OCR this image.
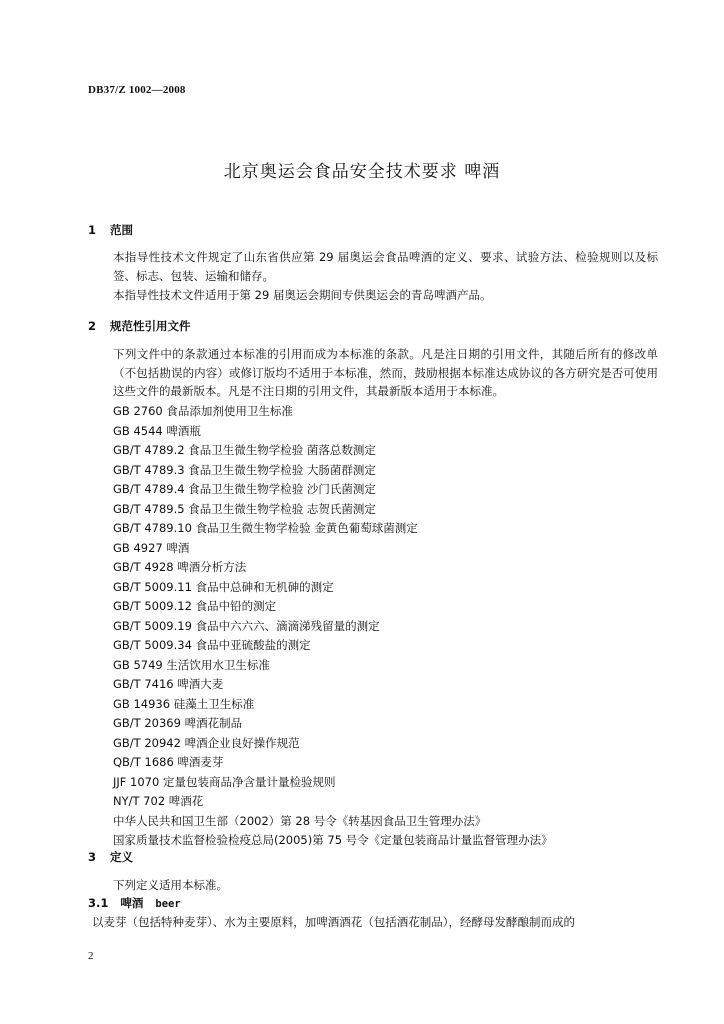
DB37/Z 1002—2008
北京奥运会食品安全技术要求 啤酒
1 范围
本指导性技术文件规定了山东省供应第 29 届奥运会食品啤酒的定义、要求、试验方法、检验规则以及标签、标志、包装、运输和储存。
本指导性技术文件适用于第 29 届奥运会期间专供奥运会的青岛啤酒产品。
2 规范性引用文件
下列文件中的条款通过本标准的引用而成为本标准的条款。凡是注日期的引用文件，其随后所有的修改单（不包括勘误的内容）或修订版均不适用于本标准，然而，鼓励根据本标准达成协议的各方研究是否可使用这些文件的最新版本。凡是不注日期的引用文件，其最新版本适用于本标准。
GB 2760 食品添加剂使用卫生标准
GB 4544 啤酒瓶
GB/T 4789.2 食品卫生微生物学检验 菌落总数测定
GB/T 4789.3 食品卫生微生物学检验 大肠菌群测定
GB/T 4789.4 食品卫生微生物学检验 沙门氏菌测定
GB/T 4789.5 食品卫生微生物学检验 志贺氏菌测定
GB/T 4789.10 食品卫生微生物学检验 金黄色葡萄球菌测定
GB 4927 啤酒
GB/T 4928 啤酒分析方法
GB/T 5009.11 食品中总砷和无机砷的测定
GB/T 5009.12 食品中铅的测定
GB/T 5009.19 食品中六六六、滴滴涕残留量的测定
GB/T 5009.34 食品中亚硫酸盐的测定
GB 5749 生活饮用水卫生标准
GB/T 7416 啤酒大麦
GB 14936 硅藻土卫生标准
GB/T 20369 啤酒花制品
GB/T 20942 啤酒企业良好操作规范
QB/T 1686 啤酒麦芽
JJF 1070 定量包装商品净含量计量检验规则
NY/T 702 啤酒花
中华人民共和国卫生部（2002）第 28 号令《转基因食品卫生管理办法》
国家质量技术监督检验检疫总局(2005)第 75 号令《定量包装商品计量监督管理办法》
3 定义
下列定义适用本标准。
3.1 啤酒 beer
以麦芽（包括特种麦芽）、水为主要原料，加啤酒酒花（包括酒花制品），经酵母发酵酿制而成的
2
